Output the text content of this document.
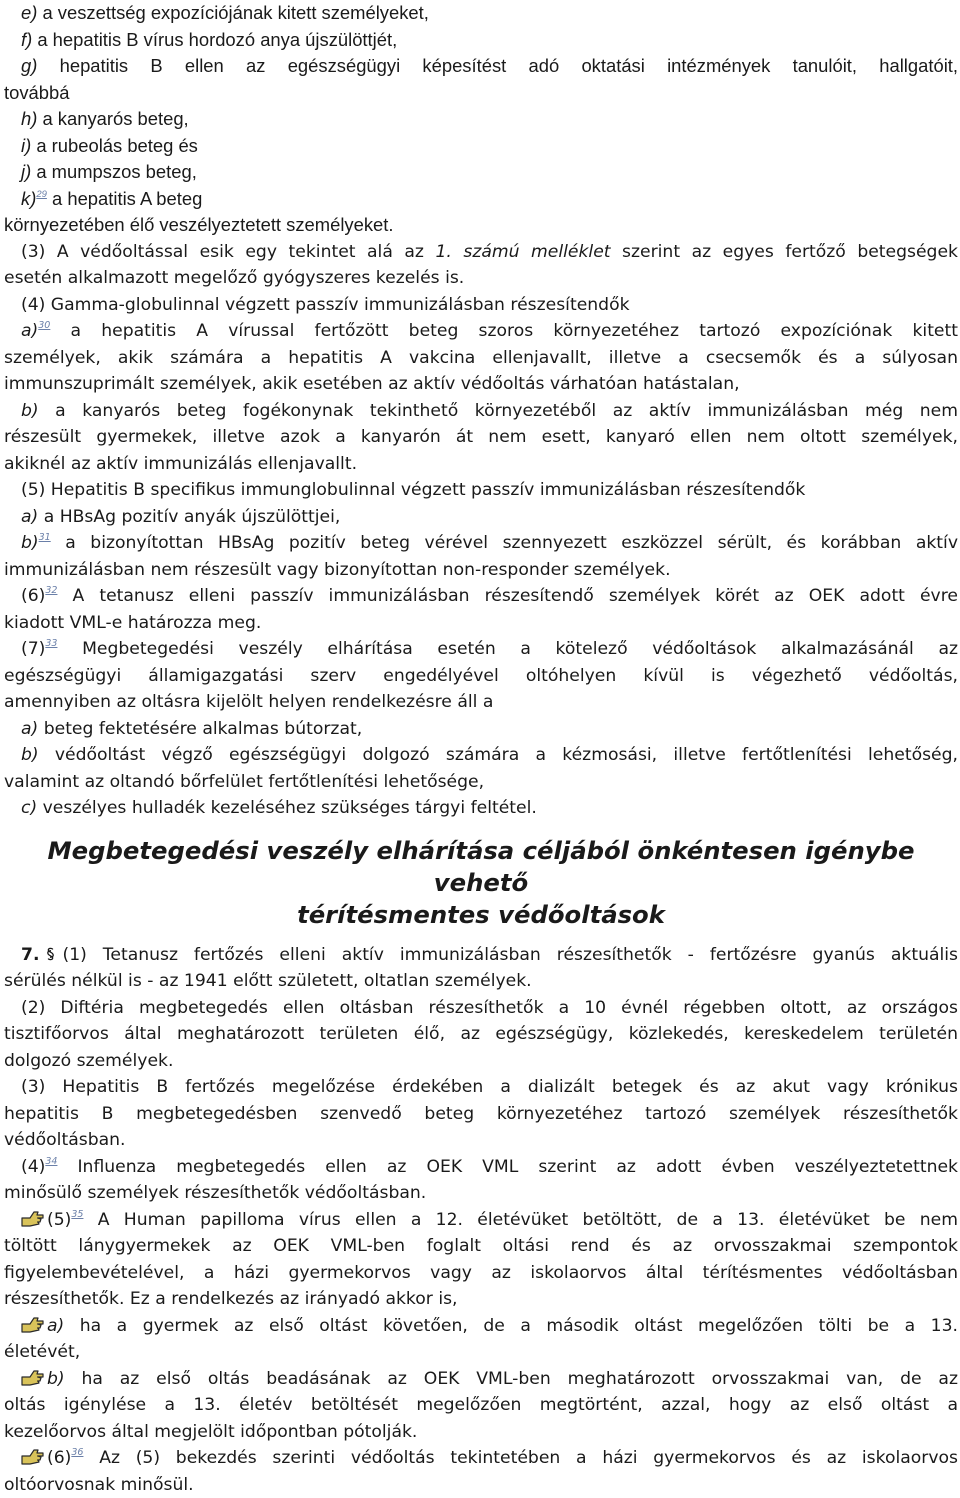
e) a veszettség expozíciójának kitett személyeket,
f) a hepatitis B vírus hordozó anya újszülöttjét,
g) hepatitis B ellen az egészségügyi képesítést adó oktatási intézmények tanulóit, hallgatóit,
továbbá
h) a kanyarós beteg,
i) a rubeolás beteg és
j) a mumpszos beteg,
k)$^{29}$ a hepatitis A beteg
környezetében élő veszélyeztetett személyeket.
(3) A védőoltással esik egy tekintet alá az 1. számú melléklet szerint az egyes fertőző betegségek
esetén alkalmazott megelőző gyógyszeres kezelés is.
(4) Gamma-globulinnal végzett passzív immunizálásban részesítendők
a)$^{30}$ a hepatitis A vírussal fertőzött beteg szoros környezetéhez tartozó expozíciónak kitett
személyek, akik számára a hepatitis A vakcina ellenjavallt, illetve a csecsemők és a súlyosan
immunszuprimált személyek, akik esetében az aktív védőoltás várhatóan hatástalan,
b) a kanyarós beteg fogékonynak tekinthető környezetéből az aktív immunizálásban még nem
részesült gyermekek, illetve azok a kanyarón át nem esett, kanyaró ellen nem oltott személyek,
akiknél az aktív immunizálás ellenjavallt.
(5) Hepatitis B specifikus immunglobulinnal végzett passzív immunizálásban részesítendők
a) a HBsAg pozitív anyák újszülöttjei,
b)$^{31}$ a bizonyítottan HBsAg pozitív beteg vérével szennyezett eszközzel sérült, és korábban aktív
immunizálásban nem részesült vagy bizonyítottan non-responder személyek.
(6)$^{32}$ A tetanusz elleni passzív immunizálásban részesítendő személyek körét az OEK adott évre
kiadott VML-e határozza meg.
(7)$^{33}$ Megbetegedési veszély elhárítása esetén a kötelező védőoltások alkalmazásánál az
egészségügyi államigazgatási szerv engedélyével oltóhelyen kívül is végezhető védőoltás,
amennyiben az oltásra kijelölt helyen rendelkezésre áll a
a) beteg fektetésére alkalmas bútorzat,
b) védőoltást végző egészségügyi dolgozó számára a kézmosási, illetve fertőtlenítési lehetőség,
valamint az oltandó bőrfelület fertőtlenítési lehetősége,
c) veszélyes hulladék kezeléséhez szükséges tárgyi feltétel.
Megbetegedési veszély elhárítása céljából önkéntesen igénybe vehető
térítésmentes védőoltások
7. (1) Tetanusz fertőzés elleni aktív immunizálásban részesíthetők - fertőzésre gyanús aktuális
sérülés nélkül is - az 1941 előtt született, oltatlan személyek.
(2) Diftéria megbetegedés ellen oltásban részesíthetők a 10 évnél régebben oltott, az országos
tisztifőorvos által meghatározott területen élő, az egészségügy, közlekedés, kereskedelem területén
dolgozó személyek.
(3) Hepatitis B fertőzés megelőzése érdekében a dializált betegek és az akut vagy krónikus
hepatitis B megbetegedésben szenvedő beteg környezetéhez tartozó személyek részesíthetők
védőoltásban.
(4)$^{34}$ Influenza megbetegedés ellen az OEK VML szerint az adott évben veszélyeztetettnek
minősülő személyek részesíthetők védőoltásban.
(5)$^{35}$ A Human papilloma vírus ellen a 12. életévüket betöltött, de a 13. életévüket be nem
töltött lánygyermekek az OEK VML-ben foglalt oltási rend és az orvosszakmai szempontok
figyelembevételével, a házi gyermekorvos vagy az iskolaorvos által térítésmentes védőoltásban
részesíthetők. Ez a rendelkezés az irányadó akkor is,
a) ha a gyermek az első oltást követően, de a második oltást megelőzően tölti be a 13.
életévét,
b) ha az első oltás beadásának az OEK VML-ben meghatározott orvosszakmai van, de az
oltás igénylése a 13. életév betöltését megelőzően megtörtént, azzal, hogy az első oltást a
kezelőorvos által megjelölt időpontban pótolják.
(6)$^{36}$ Az (5) bekezdés szerinti védőoltás tekintetében a házi gyermekorvos és az iskolaorvos
oltóorvosnak minősül.
